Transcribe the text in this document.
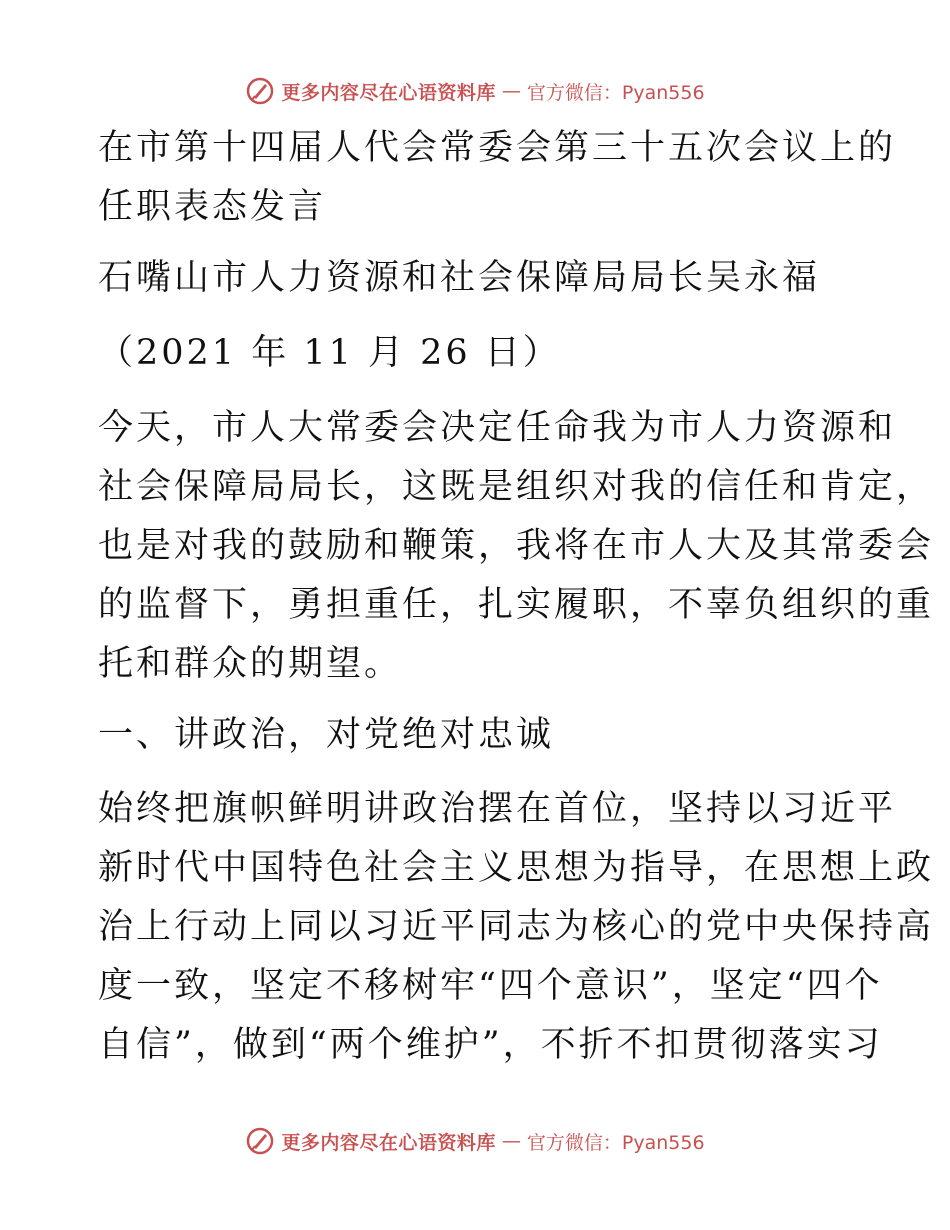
更多内容尽在心语资料库 — 官方微信：Pyan556

在市第十四届人代会常委会第三十五次会议上的

任职表态发言

石嘴山市人力资源和社会保障局局长吴永福

（2021 年 11 月 26 日）

今天，市人大常委会决定任命我为市人力资源和

社会保障局局长，这既是组织对我的信任和肯定，

也是对我的鼓励和鞭策，我将在市人大及其常委会

的监督下，勇担重任，扎实履职，不辜负组织的重

托和群众的期望。

一、讲政治，对党绝对忠诚

始终把旗帜鲜明讲政治摆在首位，坚持以习近平

新时代中国特色社会主义思想为指导，在思想上政

治上行动上同以习近平同志为核心的党中央保持高

度一致，坚定不移树牢“四个意识”，坚定“四个

自信”，做到“两个维护”，不折不扣贯彻落实习

更多内容尽在心语资料库 — 官方微信：Pyan556
